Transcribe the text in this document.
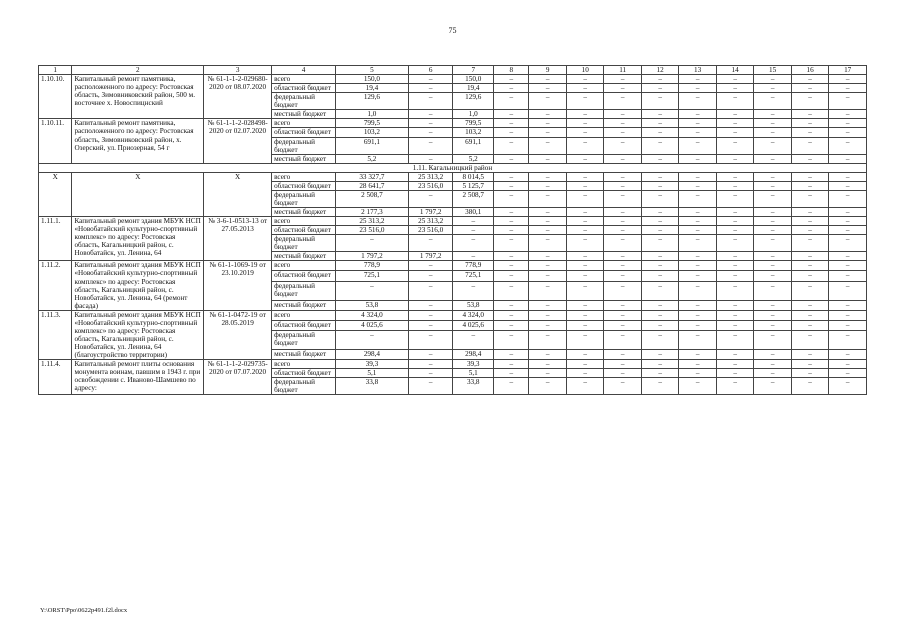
75
1	2	3	4	5	6	7	8	9	10	11	12	13	14	15	16	17
1.10.10.	Капитальный ремонт памятника, расположенного по адресу: Ростовская область, Зимовниковский район, 500 м. восточнее х. Новоспицнский	№ 61-1-1-2-029680-2020 от 08.07.2020	всего	150,0	–	150,0	–	–	–	–	–	–	–	–	–	–
			областной бюджет	19,4	–	19,4	–	–	–	–	–	–	–	–	–	–
			федеральный бюджет	129,6	–	129,6	–	–	–	–	–	–	–	–	–	–
			местный бюджет	1,0	–	1,0	–	–	–	–	–	–	–	–	–	–
1.10.11.	Капитальный ремонт памятника, расположенного по адресу: Ростовская область, Зимовниковский район, х. Озерский, ул. Приозерная, 54 г	№ 61-1-1-2-028498-2020 от 02.07.2020	всего	799,5	–	799,5	–	–	–	–	–	–	–	–	–	–
			областной бюджет	103,2	–	103,2	–	–	–	–	–	–	–	–	–	–
			федеральный бюджет	691,1	–	691,1	–	–	–	–	–	–	–	–	–	–
			местный бюджет	5,2	–	5,2	–	–	–	–	–	–	–	–	–	–
1.11. Кагальницкий район																
Х	Х	Х	всего	33 327,7	25 313,2	8 014,5	–	–	–	–	–	–	–	–	–	–
			областной бюджет	28 641,7	23 516,0	5 125,7	–	–	–	–	–	–	–	–	–	–
			федеральный бюджет	2 508,7	–	2 508,7	–	–	–	–	–	–	–	–	–	–
			местный бюджет	2 177,3	1 797,2	380,1	–	–	–	–	–	–	–	–	–	–
1.11.1.	Капитальный ремонт здания МБУК НСП «Новобатайский культурно-спортивный комплекс» по адресу: Ростовская область, Кагальницкий район, с. Новобатайск, ул. Ленина, 64	№ 3-6-1-0513-13 от 27.05.2013	всего	25 313,2	25 313,2	–	–	–	–	–	–	–	–	–	–	–
			областной бюджет	23 516,0	23 516,0	–	–	–	–	–	–	–	–	–	–	–
			федеральный бюджет	–	–	–	–	–	–	–	–	–	–	–	–	–
			местный бюджет	1 797,2	1 797,2	–	–	–	–	–	–	–	–	–	–	–
1.11.2.	Капитальный ремонт здания МБУК НСП «Новобатайский культурно-спортивный комплекс» по адресу: Ростовская область, Кагальницкий район, с. Новобатайск, ул. Ленина, 64 (ремонт фасада)	№ 61-1-1069-19 от 23.10.2019	всего	778,9	–	778,9	–	–	–	–	–	–	–	–	–	–
			областной бюджет	725,1	–	725,1	–	–	–	–	–	–	–	–	–	–
			федеральный бюджет	–	–	–	–	–	–	–	–	–	–	–	–	–
			местный бюджет	53,8	–	53,8	–	–	–	–	–	–	–	–	–	–
1.11.3.	Капитальный ремонт здания МБУК НСП «Новобатайский культурно-спортивный комплекс» по адресу: Ростовская область, Кагальницкий район, с. Новобатайск, ул. Ленина, 64 (благоустройство территории)	№ 61-1-0472-19 от 28.05.2019	всего	4 324,0	–	4 324,0	–	–	–	–	–	–	–	–	–	–
			областной бюджет	4 025,6	–	4 025,6	–	–	–	–	–	–	–	–	–	–
			федеральный бюджет	–	–	–	–	–	–	–	–	–	–	–	–	–
			местный бюджет	298,4	–	298,4	–	–	–	–	–	–	–	–	–	–
1.11.4.	Капитальный ремонт плиты основания монумента воинам, павшим в 1943 г. при освобождении с. Иваново-Шамшево по адресу:	№ 61-1-1-2-029735-2020 от 07.07.2020	всего	39,3	–	39,3	–	–	–	–	–	–	–	–	–	–
			областной бюджет	5,1	–	5,1	–	–	–	–	–	–	–	–	–	–
			федеральный бюджет	33,8	–	33,8	–	–	–	–	–	–	–	–	–	–
Y:\ORST\Ppo\0622p491.f2l.docx
